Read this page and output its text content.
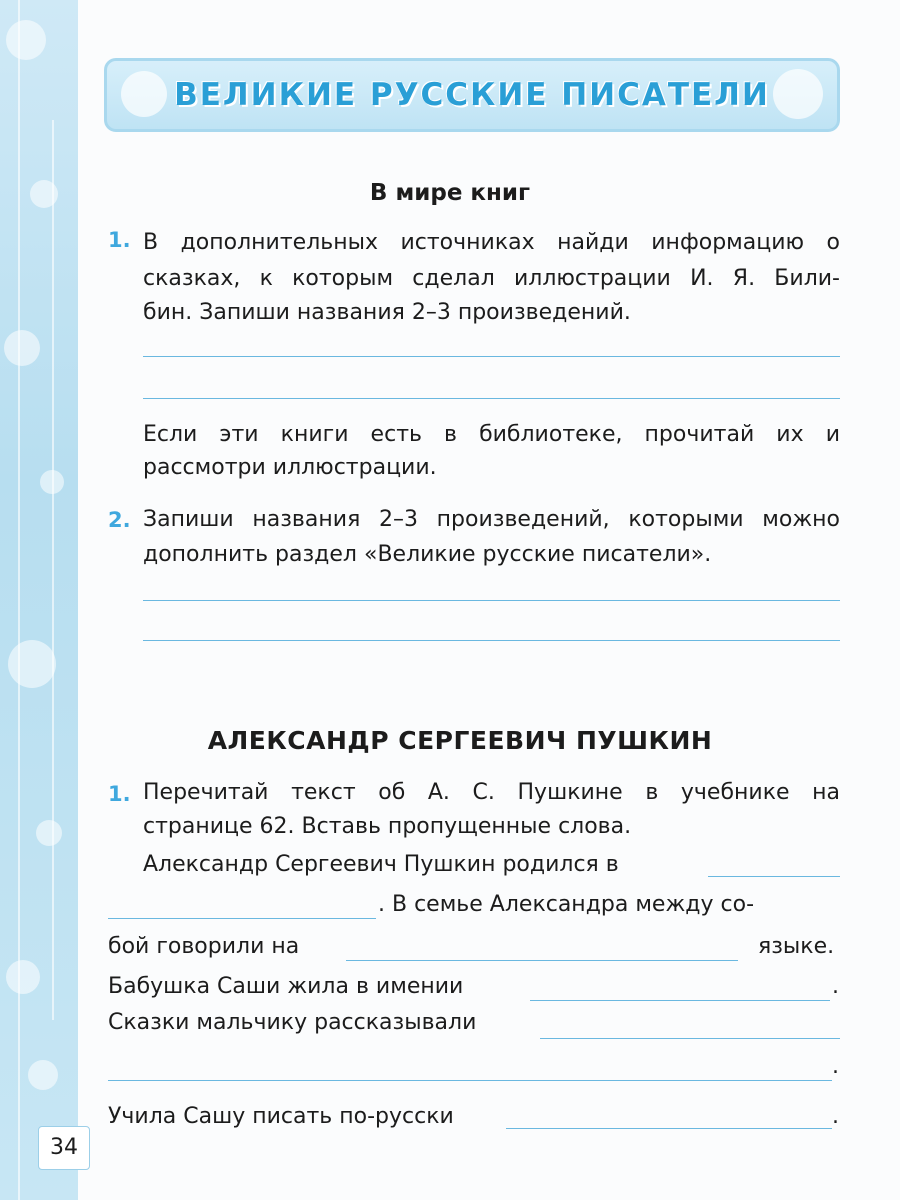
ВЕЛИКИЕ РУССКИЕ ПИСАТЕЛИ
В мире книг
1. В дополнительных источниках найди информацию о
сказках, к которым сделал иллюстрации И. Я. Били-
бин. Запиши названия 2–3 произведений.
Если эти книги есть в библиотеке, прочитай их и
рассмотри иллюстрации.
2. Запиши названия 2–3 произведений, которыми можно
дополнить раздел «Великие русские писатели».
АЛЕКСАНДР СЕРГЕЕВИЧ ПУШКИН
1. Перечитай текст об А. С. Пушкине в учебнике на
странице 62. Вставь пропущенные слова.
Александр Сергеевич Пушкин родился в
. В семье Александра между со-
бой говорили на	языке.
Бабушка Саши жила в имении	.
Сказки мальчику рассказывали
.
Учила Сашу писать по-русски	.
34
